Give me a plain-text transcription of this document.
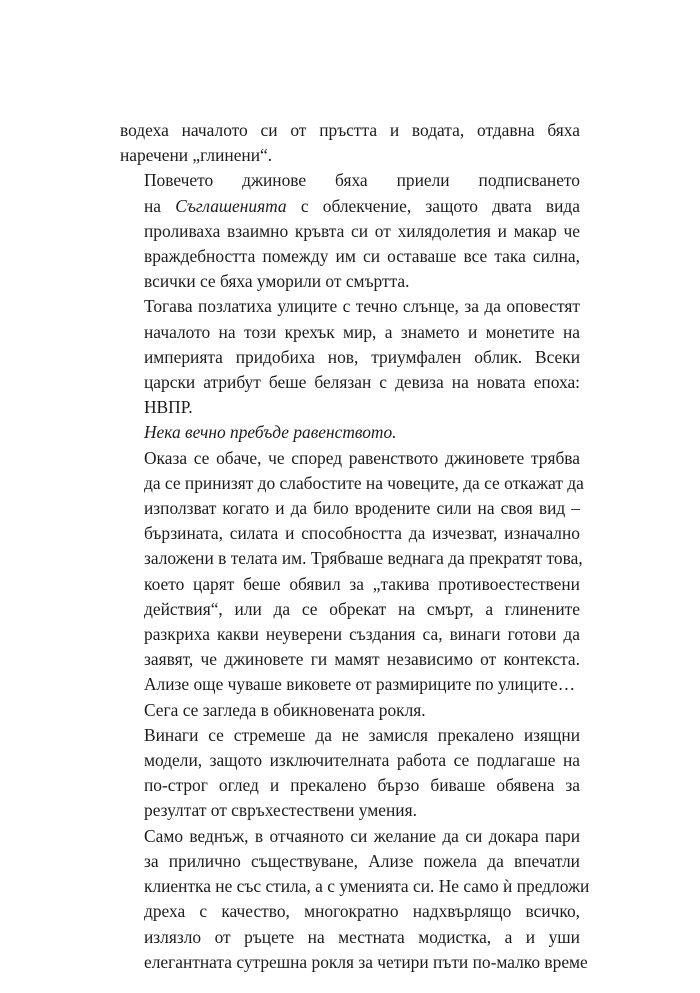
водеха началото си от пръстта и водата, отдавна бяха
наречени „глинени“.

Повечето джинове бяха приели подписването
на Съглашенията с облекчение, защото двата вида
проливаха взаимно кръвта си от хилядолетия и макар че
враждебността помежду им си оставаше все така силна,
всички се бяха уморили от смъртта.

Тогава позлатиха улиците с течно слънце, за да оповестят
началото на този крехък мир, а знамето и монетите на
империята придобиха нов, триумфален облик. Всеки
царски атрибут беше белязан с девиза на новата епоха:
НВПР.

Нека вечно пребъде равенството.

Оказа се обаче, че според равенството джиновете трябва
да се принизят до слабостите на човеците, да се откажат да
използват когато и да било вродените сили на своя вид –
бързината, силата и способността да изчезват, изначално
заложени в телата им. Трябваше веднага да прекратят това,
което царят беше обявил за „такива противоестествени
действия“, или да се обрекат на смърт, а глинените
разкриха какви неуверени създания са, винаги готови да
заявят, че джиновете ги мамят независимо от контекста.
Ализе още чуваше виковете от размириците по улиците…

Сега се загледа в обикновената рокля.

Винаги се стремеше да не замисля прекалено изящни
модели, защото изключителната работа се подлагаше на
по-строг оглед и прекалено бързо биваше обявена за
резултат от свръхестествени умения.

Само веднъж, в отчаяното си желание да си докара пари
за прилично съществуване, Ализе пожела да впечатли
клиентка не със стила, а с уменията си. Не само ѝ предложи
дреха с качество, многократно надхвърлящо всичко,
излязло от ръцете на местната модистка, а и уши
елегантната сутрешна рокля за четири пъти по-малко време
